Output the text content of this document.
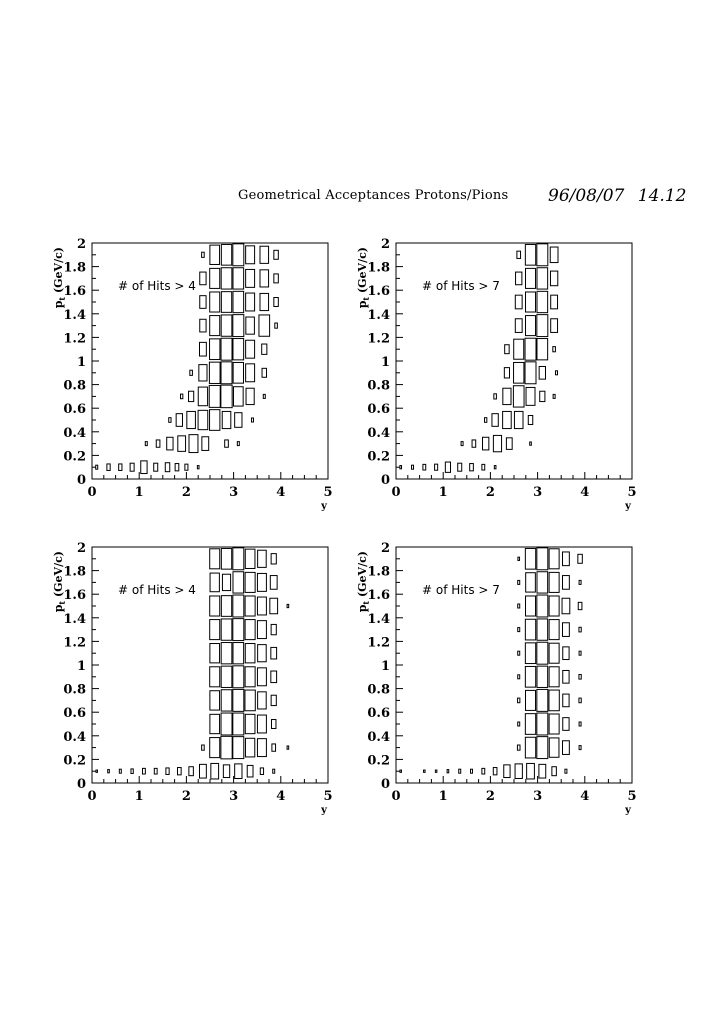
Geometrical Acceptances Protons/Pions 96/08/07 14.12
0	1	2	3	4	5
0
0.2
0.4
0.6
0.8
1
1.2
1.4
1.6
1.8
2
y
$p_t$ (GeV/c)	# of Hits > 4
0	1	2	3	4	5
0
0.2
0.4
0.6
0.8
1
1.2
1.4
1.6
1.8
2
y
$p_t$ (GeV/c)	# of Hits > 7
0	1	2	3	4	5
0
0.2
0.4
0.6
0.8
1
1.2
1.4
1.6
1.8
2
y
$p_t$ (GeV/c)	# of Hits > 4
0	1	2	3	4	5
0
0.2
0.4
0.6
0.8
1
1.2
1.4
1.6
1.8
2
y
$p_t$ (GeV/c)	# of Hits > 7
